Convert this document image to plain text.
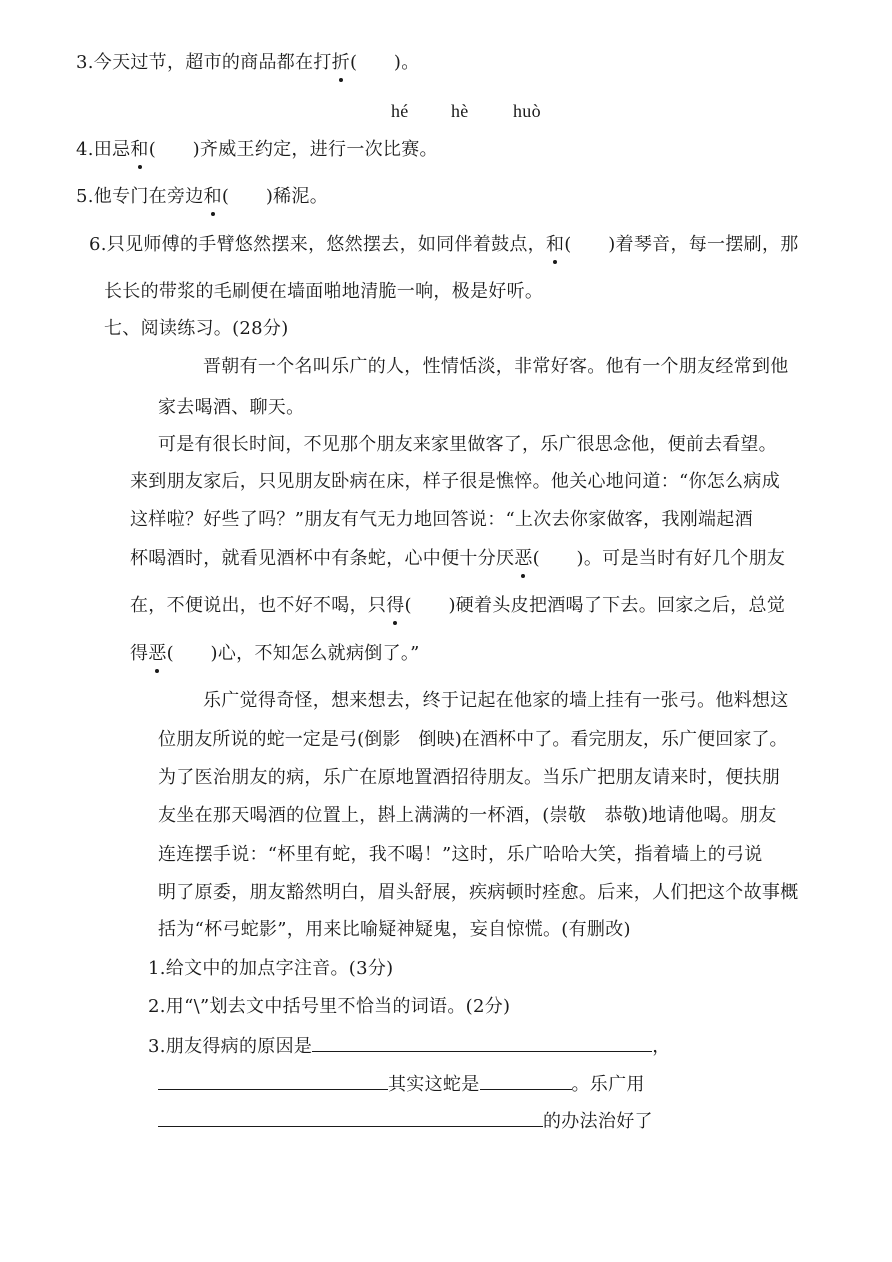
3.今天过节，超市的商品都在打折(　　)。
hé hè huò
4.田忌和(　　)齐威王约定，进行一次比赛。
5.他专门在旁边和(　　)稀泥。
6.只见师傅的手臂悠然摆来，悠然摆去，如同伴着鼓点，和(　　)着琴音，每一摆刷，那
长长的带浆的毛刷便在墙面啪地清脆一响，极是好听。
七、阅读练习。(28分)
晋朝有一个名叫乐广的人，性情恬淡，非常好客。他有一个朋友经常到他
家去喝酒、聊天。
可是有很长时间，不见那个朋友来家里做客了，乐广很思念他，便前去看望。
来到朋友家后，只见朋友卧病在床，样子很是憔悴。他关心地问道：“你怎么病成
这样啦？好些了吗？”朋友有气无力地回答说：“上次去你家做客，我刚端起酒
杯喝酒时，就看见酒杯中有条蛇，心中便十分厌恶(　　)。可是当时有好几个朋友
在，不便说出，也不好不喝，只得(　　)硬着头皮把酒喝了下去。回家之后，总觉
得恶(　　)心，不知怎么就病倒了。”
乐广觉得奇怪，想来想去，终于记起在他家的墙上挂有一张弓。他料想这
位朋友所说的蛇一定是弓(倒影　倒映)在酒杯中了。看完朋友，乐广便回家了。
为了医治朋友的病，乐广在原地置酒招待朋友。当乐广把朋友请来时，便扶朋
友坐在那天喝酒的位置上，斟上满满的一杯酒，(崇敬　恭敬)地请他喝。朋友
连连摆手说：“杯里有蛇，我不喝！”这时，乐广哈哈大笑，指着墙上的弓说
明了原委，朋友豁然明白，眉头舒展，疾病顿时痊愈。后来，人们把这个故事概
括为“杯弓蛇影”，用来比喻疑神疑鬼，妄自惊慌。(有删改)
1.给文中的加点字注音。(3分)
2.用“\”划去文中括号里不恰当的词语。(2分)
3.朋友得病的原因是	，
其实这蛇是	。乐广用
的办法治好了
